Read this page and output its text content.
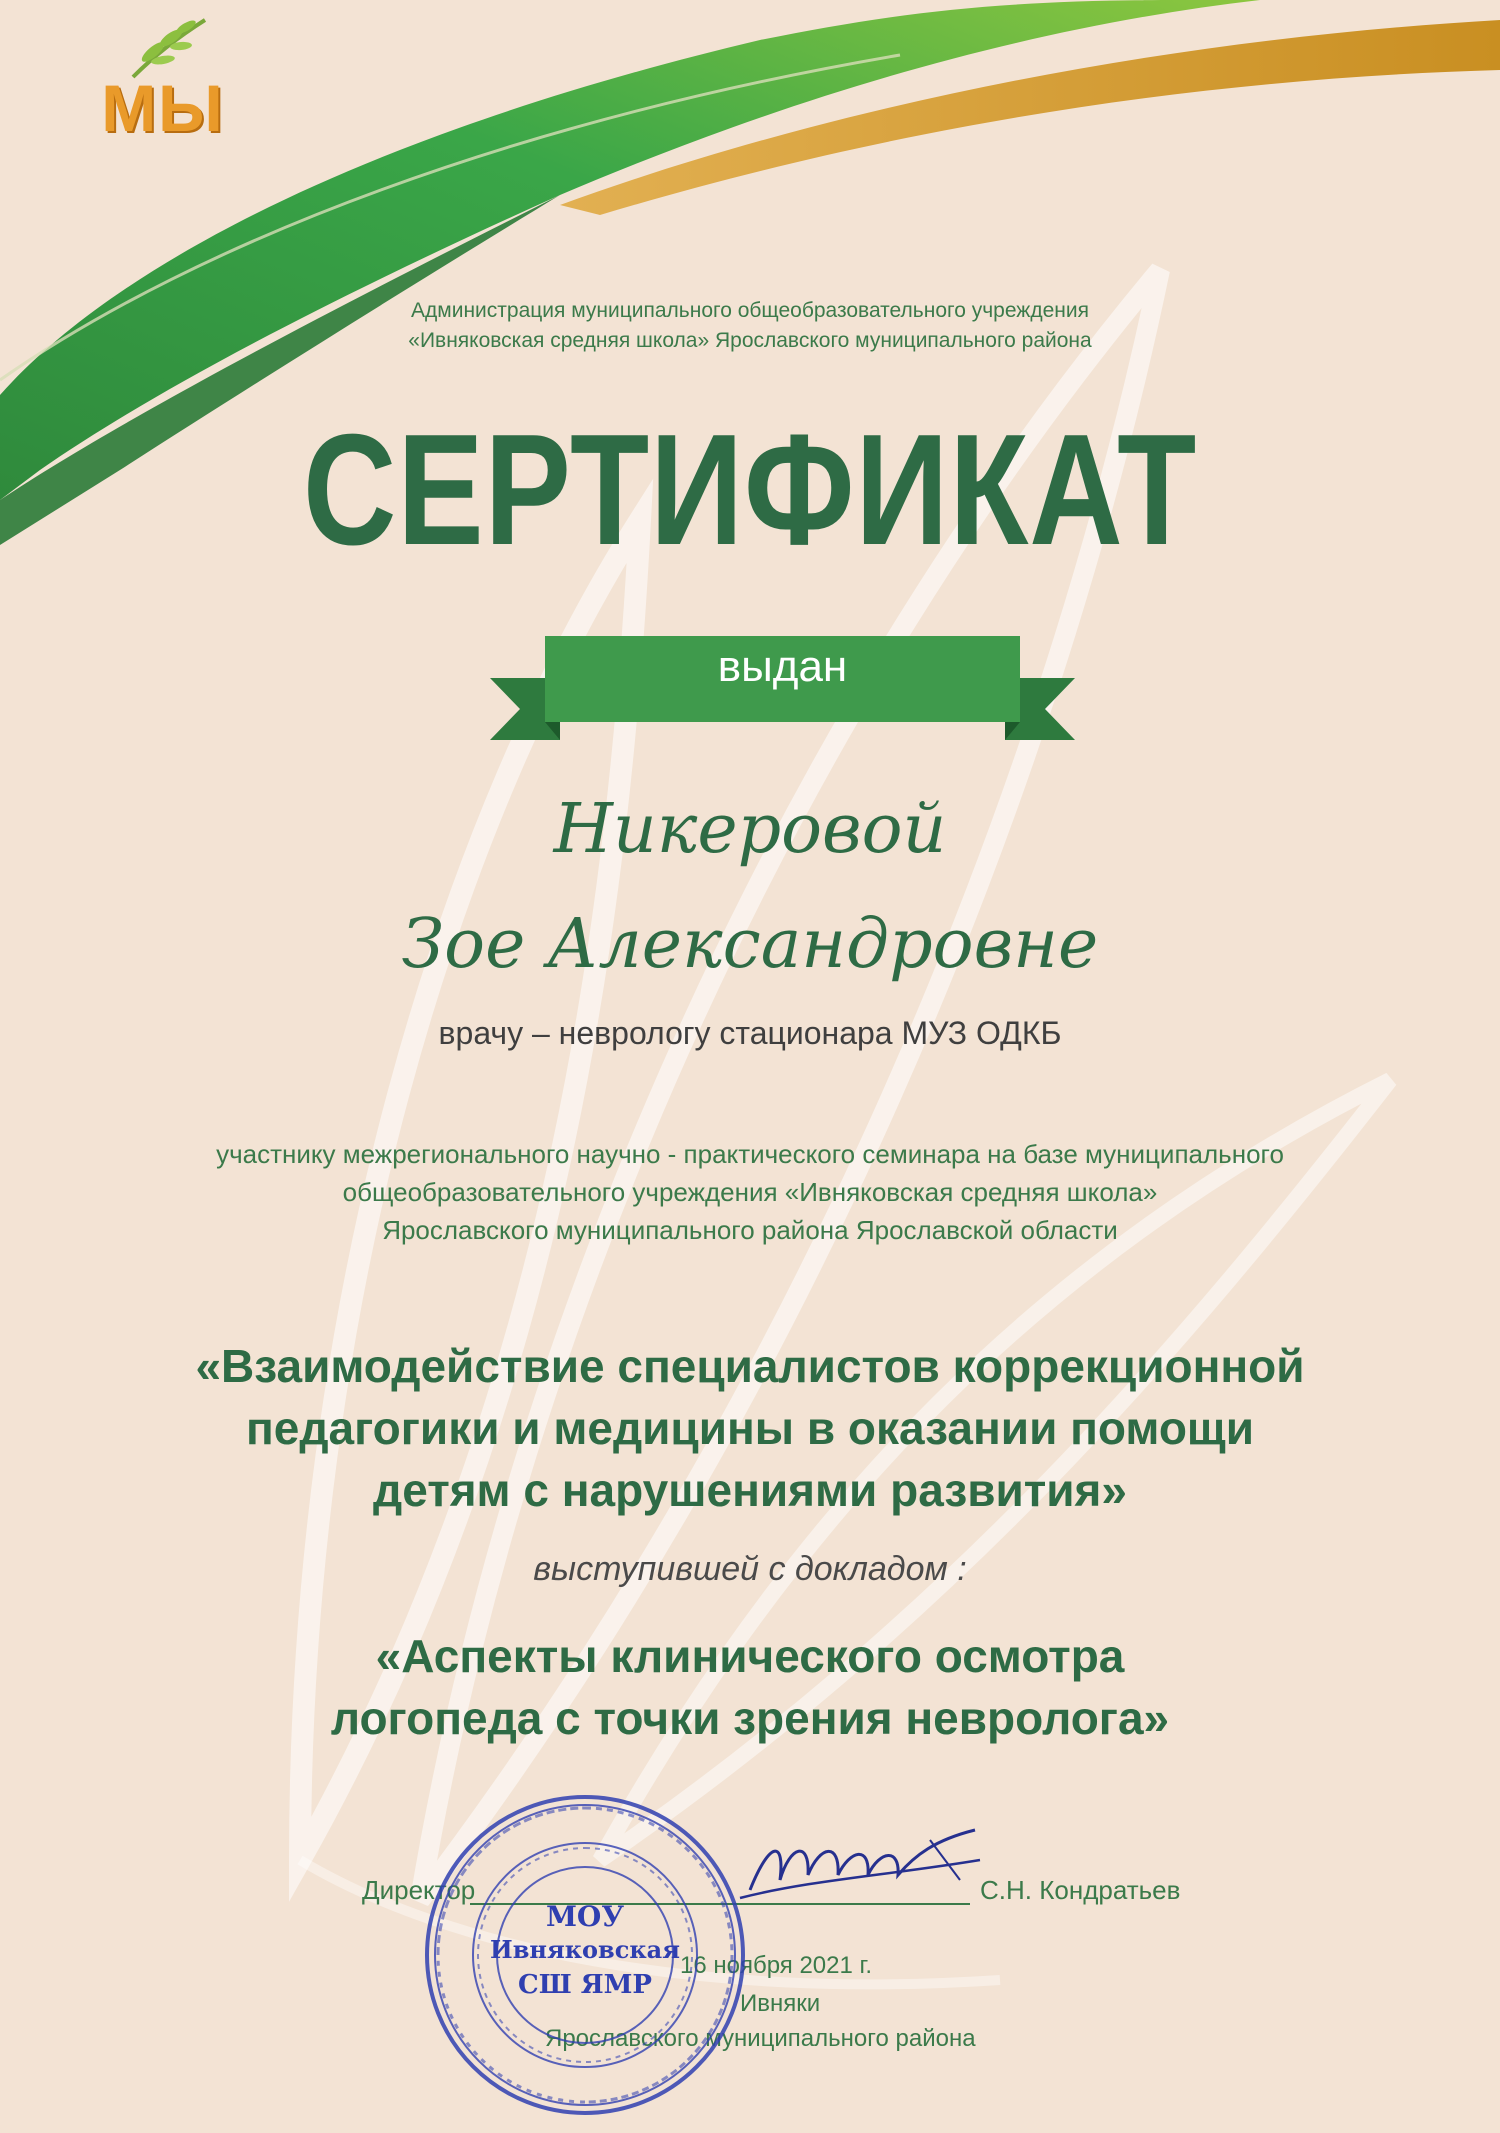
МЫ
Администрация муниципального общеобразовательного учреждения
«Ивняковская средняя школа» Ярославского муниципального района
СЕРТИФИКАТ
выдан
Никеровой
Зое Александровне
врачу – неврологу стационара МУЗ ОДКБ
участнику межрегионального научно - практического семинара на базе муниципального
общеобразовательного учреждения «Ивняковская средняя школа»
Ярославского муниципального района Ярославской области
«Взаимодействие специалистов коррекционной
педагогики и медицины в оказании помощи
детям с нарушениями развития»
выступившей с докладом :
«Аспекты клинического осмотра
логопеда с точки зрения невролога»
Директор	С.Н. Кондратьев
16 ноября 2021 г.
Ивняки
Ярославского муниципального района
МОУ
Ивняковская
СШ ЯМР
